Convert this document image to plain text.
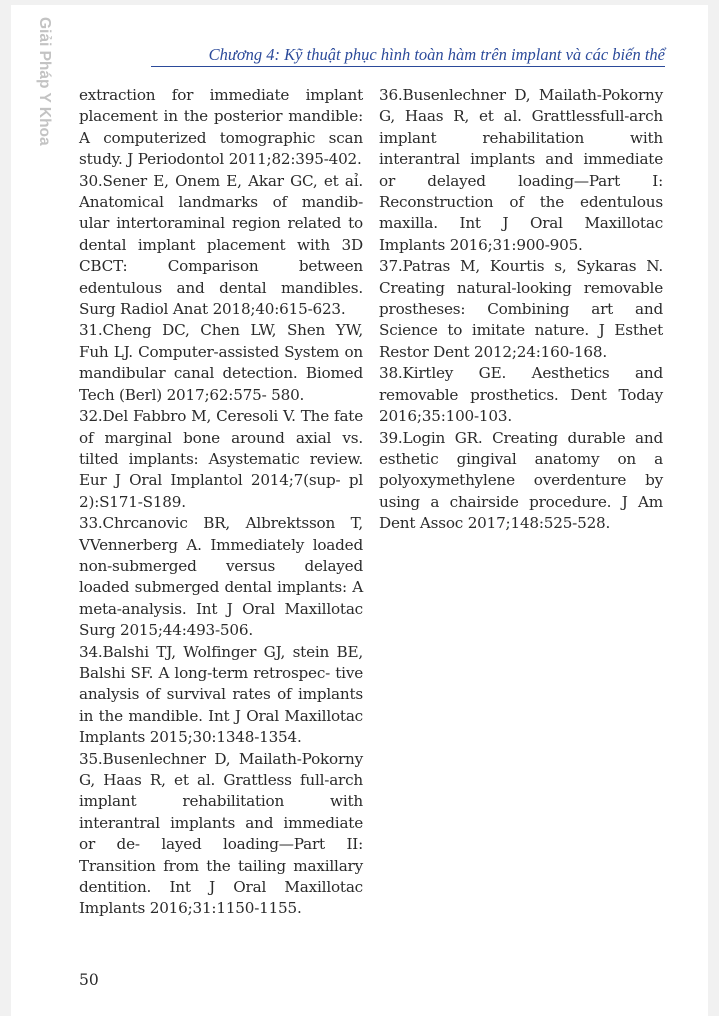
Giải Pháp Y Khoa	Chương 4: Kỹ thuật phục hình toàn hàm trên implant và các biến thể

extraction for immediate implant placement in the posterior mandible: A computerized tomographic scan study. J Periodontol 2011;82:395-402.

30.Sener E, Onem E, Akar GC, et aỉ. Anatomical landmarks of mandib- ular intertoraminal region related to dental implant placement with 3D CBCT: Comparison between edentulous and dental mandibles. Surg Radiol Anat 2018;40:615-623.

31.Cheng DC, Chen LW, Shen YW, Fuh LJ. Computer-assisted System on mandibular canal detection. Biomed Tech (Berl) 2017;62:575- 580.

32.Del Fabbro M, Ceresoli V. The fate of marginal bone around axial vs. tilted implants: Asystematic review. Eur J Oral Implantol 2014;7(sup- pl 2):S171-S189.

33.Chrcanovic BR, Albrektsson T, VVennerberg A. Immediately loaded non-submerged versus delayed loaded submerged dental implants: A meta-analysis. Int J Oral Maxillotac Surg 2015;44:493-506.

34.Balshi TJ, Wolfinger GJ, stein BE, Balshi SF. A long-term retrospec- tive analysis of survival rates of implants in the mandible. Int J Oral Maxillotac Implants 2015;30:1348-1354.

35.Busenlechner D, Mailath-Pokorny G, Haas R, et al. Grattless full-arch implant rehabilitation with interantral implants and immediate or de- layed loading—Part II: Transition from the tailing maxillary dentition. Int J Oral Maxillotac Implants 2016;31:1150-1155.

36.Busenlechner D, Mailath-Pokorny G, Haas R, et al. Grattlessfull-arch implant rehabilitation with interantral implants and immediate or delayed loading—Part I: Reconstruction of the edentulous maxilla. Int J Oral Maxillotac Implants 2016;31:900-905.

37.Patras M, Kourtis s, Sykaras N. Creating natural-looking removable prostheses: Combining art and Science to imitate nature. J Esthet Restor Dent 2012;24:160-168.

38.Kirtley GE. Aesthetics and removable prosthetics. Dent Today 2016;35:100-103.

39.Login GR. Creating durable and esthetic gingival anatomy on a polyoxymethylene overdenture by using a chairside procedure. J Am Dent Assoc 2017;148:525-528.

50
